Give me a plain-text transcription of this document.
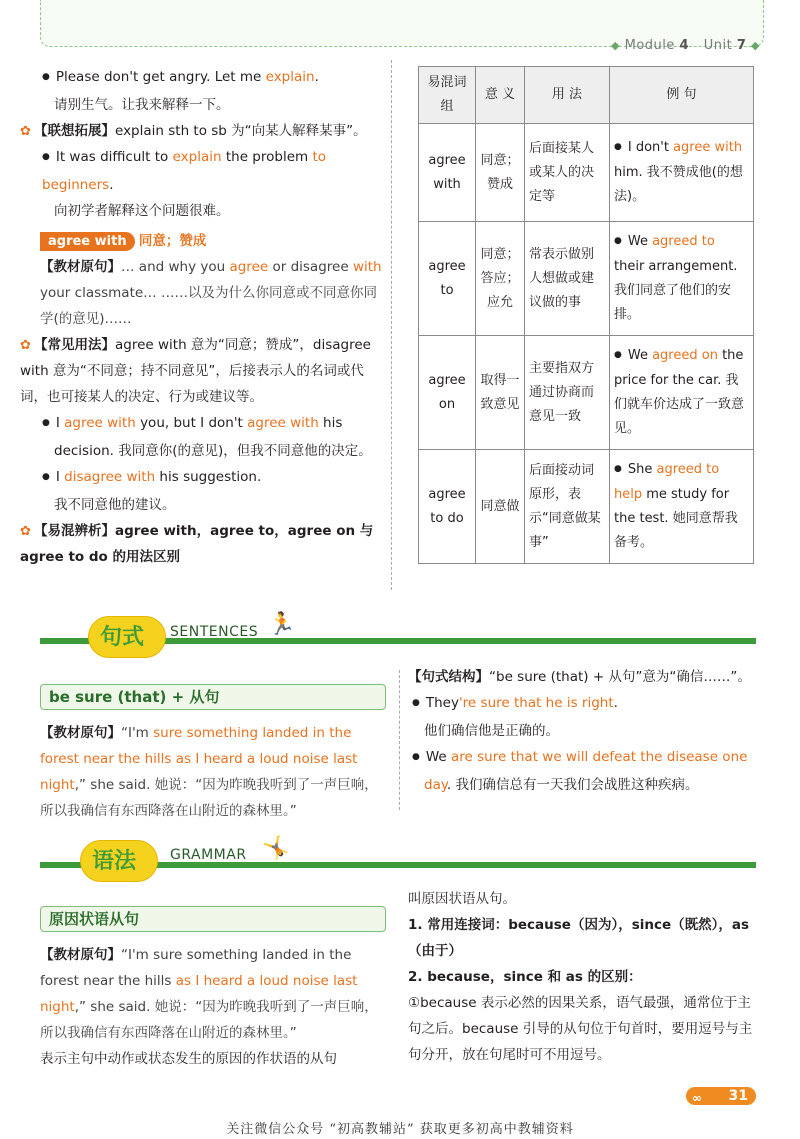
◆ Module 4 Unit 7 ◆
● Please don't get angry. Let me explain.
请别生气。让我来解释一下。
✿ 【联想拓展】explain sth to sb 为“向某人解释某事”。
● It was difficult to explain the problem to beginners.
向初学者解释这个问题很难。
agree with 同意；赞成
【教材原句】… and why you agree or disagree with your classmate… ……以及为什么你同意或不同意你同学(的意见)……
✿ 【常见用法】agree with 意为“同意；赞成”，disagree with 意为“不同意；持不同意见”，后接表示人的名词或代词，也可接某人的决定、行为或建议等。
● I agree with you, but I don't agree with his decision. 我同意你(的意见)，但我不同意他的决定。
● I disagree with his suggestion.
我不同意他的建议。
✿ 【易混辨析】agree with，agree to，agree on 与 agree to do 的用法区别
易混词组	意 义	用 法	例 句
agree with	同意；赞成	后面接某人或某人的决定等	● I don't agree with him. 我不赞成他(的想法)。
agree to	同意；答应；应允	常表示做别人想做或建议做的事	● We agreed to their arrangement. 我们同意了他们的安排。
agree on	取得一致意见	主要指双方通过协商而意见一致	● We agreed on the price for the car. 我们就车价达成了一致意见。
agree to do	同意做	后面接动词原形，表示“同意做某事”	● She agreed to help me study for the test. 她同意帮我备考。
句式 SENTENCES 🏃
be sure (that) + 从句
【教材原句】“I'm sure something landed in the forest near the hills as I heard a loud noise last night,” she said. 她说：“因为昨晚我听到了一声巨响，所以我确信有东西降落在山附近的森林里。”
【句式结构】“be sure (that) + 从句”意为“确信……”。
● They're sure that he is right.
他们确信他是正确的。
● We are sure that we will defeat the disease one day. 我们确信总有一天我们会战胜这种疾病。
语法 GRAMMAR 🤸
原因状语从句
【教材原句】“I'm sure something landed in the forest near the hills as I heard a loud noise last night,” she said. 她说：“因为昨晚我听到了一声巨响，所以我确信有东西降落在山附近的森林里。”
表示主句中动作或状态发生的原因的作状语的从句
叫原因状语从句。
1. 常用连接词：because（因为），since（既然），as（由于）
2. because，since 和 as 的区别：
①because 表示必然的因果关系，语气最强，通常位于主句之后。because 引导的从句位于句首时，要用逗号与主句分开，放在句尾时可不用逗号。
∞ 31
关注微信公众号 “初高教辅站” 获取更多初高中教辅资料
